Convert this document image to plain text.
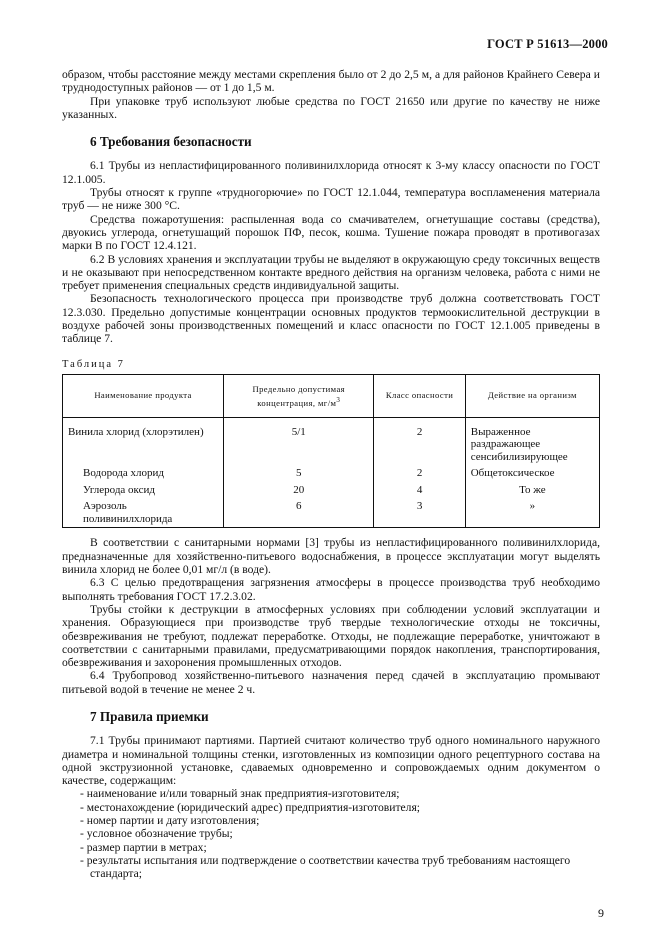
ГОСТ Р 51613—2000

образом, чтобы расстояние между местами скрепления было от 2 до 2,5 м, а для районов Крайнего Севера и труднодоступных районов — от 1 до 1,5 м.

При упаковке труб используют любые средства по ГОСТ 21650 или другие по качеству не ниже указанных.

6 Требования безопасности

6.1 Трубы из непластифицированного поливинилхлорида относят к 3-му классу опасности по ГОСТ 12.1.005.

Трубы относят к группе «трудногорючие» по ГОСТ 12.1.044, температура воспламенения материала труб — не ниже 300 °С.

Средства пожаротушения: распыленная вода со смачивателем, огнетушащие составы (средства), двуокись углерода, огнетушащий порошок ПФ, песок, кошма. Тушение пожара проводят в противогазах марки В по ГОСТ 12.4.121.

6.2 В условиях хранения и эксплуатации трубы не выделяют в окружающую среду токсичных веществ и не оказывают при непосредственном контакте вредного действия на организм человека, работа с ними не требует применения специальных средств индивидуальной защиты.

Безопасность технологического процесса при производстве труб должна соответствовать ГОСТ 12.3.030. Предельно допустимые концентрации основных продуктов термоокислительной деструкции в воздухе рабочей зоны производственных помещений и класс опасности по ГОСТ 12.1.005 приведены в таблице 7.

Таблица 7
Наименование продукта	Предельно допустимая концентрация, $мг/м^3$	Класс опасности	Действие на организм
Винила хлорид (хлорэтилен)	5/1	2	Выраженное раздражающее сенсибилизирующее
Водорода хлорид	5	2	Общетоксическое
Углерода оксид	20	4	То же
Аэрозоль поливинилхлорида	6	3	»

В соответствии с санитарными нормами [3] трубы из непластифицированного поливинилхлорида, предназначенные для хозяйственно-питьевого водоснабжения, в процессе эксплуатации могут выделять винила хлорид не более 0,01 мг/л (в воде).

6.3 С целью предотвращения загрязнения атмосферы в процессе производства труб необходимо выполнять требования ГОСТ 17.2.3.02.

Трубы стойки к деструкции в атмосферных условиях при соблюдении условий эксплуатации и хранения. Образующиеся при производстве труб твердые технологические отходы не токсичны, обезвреживания не требуют, подлежат переработке. Отходы, не подлежащие переработке, уничтожают в соответствии с санитарными правилами, предусматривающими порядок накопления, транспортирования, обезвреживания и захоронения промышленных отходов.

6.4 Трубопровод хозяйственно-питьевого назначения перед сдачей в эксплуатацию промывают питьевой водой в течение не менее 2 ч.

7 Правила приемки

7.1 Трубы принимают партиями. Партией считают количество труб одного номинального наружного диаметра и номинальной толщины стенки, изготовленных из композиции одного рецептурного состава на одной экструзионной установке, сдаваемых одновременно и сопровождаемых одним документом о качестве, содержащим:

- наименование и/или товарный знак предприятия-изготовителя;

- местонахождение (юридический адрес) предприятия-изготовителя;

- номер партии и дату изготовления;

- условное обозначение трубы;

- размер партии в метрах;

- результаты испытания или подтверждение о соответствии качества труб требованиям настоящего стандарта;

9
